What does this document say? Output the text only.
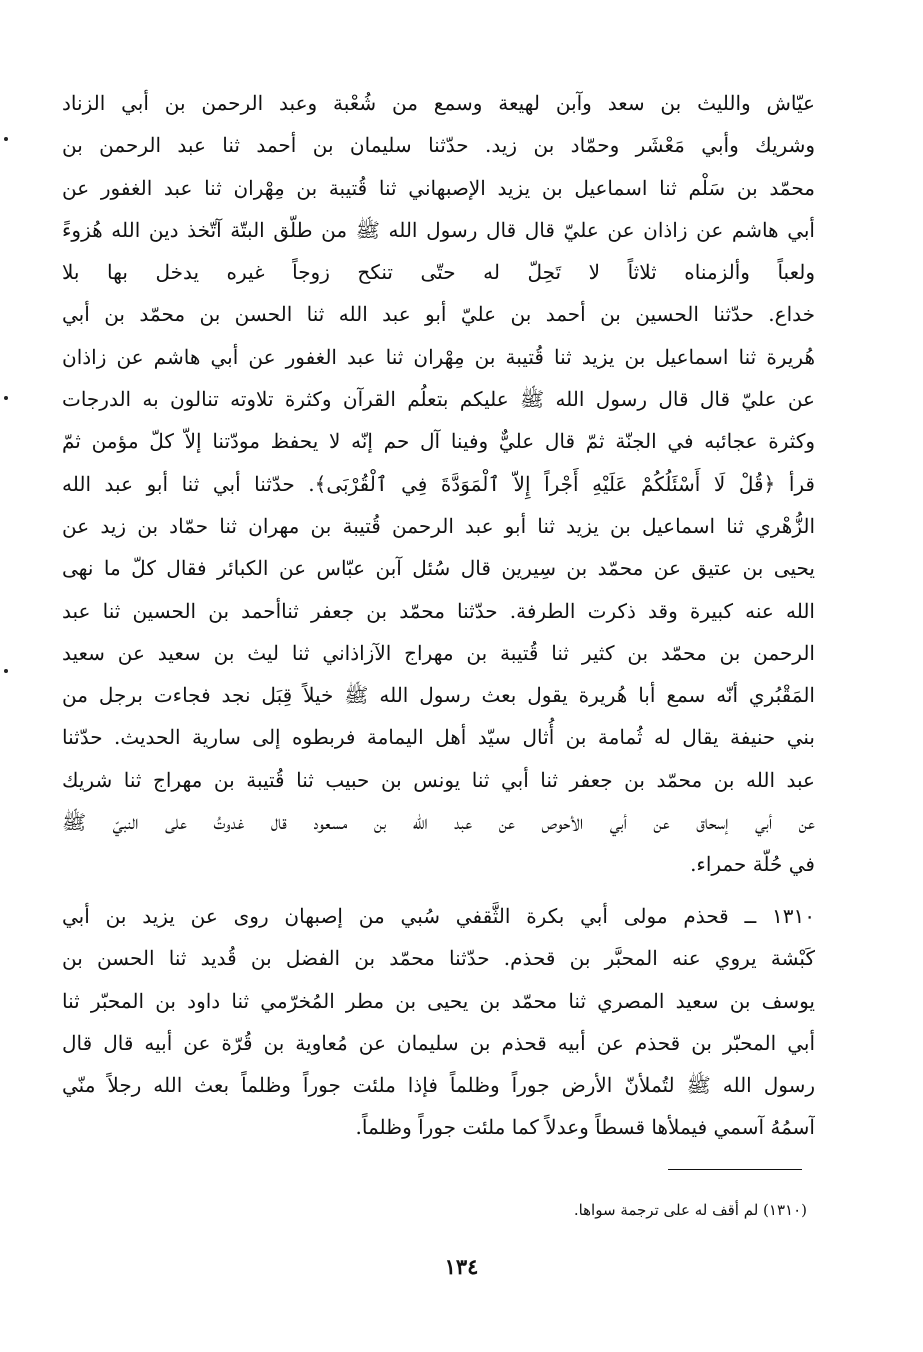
عيّاش والليث بن سعد وآبن لهيعة وسمع من شُعْبة وعبد الرحمن بن أبي الزناد
وشريك وأبي مَعْشَر وحمّاد بن زيد. حدّثنا سليمان بن أحمد ثنا عبد الرحمن بن
محمّد بن سَلْم ثنا اسماعيل بن يزيد الإصبهاني ثنا قُتيبة بن مِهْران ثنا عبد الغفور عن
أبي هاشم عن زاذان عن عليّ قال قال رسول الله ﷺ من طلّق البتّة آتّخذ دين الله هُزوءً
ولعباً وألزمناه ثلاثاً لا تَحِلّ له حتّى تنكح زوجاً غيره يدخل بها بلا
خداع. حدّثنا الحسين بن أحمد بن عليّ أبو عبد الله ثنا الحسن بن محمّد بن أبي
هُريرة ثنا اسماعيل بن يزيد ثنا قُتيبة بن مِهْران ثنا عبد الغفور عن أبي هاشم عن زاذان
عن عليّ قال قال رسول الله ﷺ عليكم بتعلُم القرآن وكثرة تلاوته تنالون به الدرجات
وكثرة عجائبه في الجنّة ثمّ قال عليٌّ وفينا آل حم إنّه لا يحفظ مودّتنا إلاّ كلّ مؤمن ثمّ
قرأ ﴿قُلْ لَا أَسْئَلُكُمْ عَلَيْهِ أَجْراً إِلاّ ٱلْمَوَدَّةَ فِي ٱلْقُرْبَى﴾. حدّثنا أبي ثنا أبو عبد الله
الزُّهْري ثنا اسماعيل بن يزيد ثنا أبو عبد الرحمن قُتيبة بن مهران ثنا حمّاد بن زيد عن
يحيى بن عتيق عن محمّد بن سِيرين قال سُئل آبن عبّاس عن الكبائر فقال كلّ ما نهى
الله عنه كبيرة وقد ذكرت الطرفة. حدّثنا محمّد بن جعفر ثناأحمد بن الحسين ثنا عبد
الرحمن بن محمّد بن كثير ثنا قُتيبة بن مهراج الآزاذاني ثنا ليث بن سعيد عن سعيد
المَقْبُري أنّه سمع أبا هُريرة يقول بعث رسول الله ﷺ خيلاً قِبَل نجد فجاءت برجل من
بني حنيفة يقال له ثُمامة بن أُثال سيّد أهل اليمامة فربطوه إلى سارية الحديث. حدّثنا
عبد الله بن محمّد بن جعفر ثنا أبي ثنا يونس بن حبيب ثنا قُتيبة بن مهراج ثنا شريك
عن أبي إسحاق عن أبي الأحوص عن عبد الله بن مسعود قال غدوتُ على النبيّ ﷺ
في حُلّة حمراء.
١٣١٠ ــ قحذم مولى أبي بكرة الثَّقفي سُبي من إصبهان روى عن يزيد بن أبي
كَبْشة يروي عنه المحبَّر بن قحذم. حدّثنا محمّد بن الفضل بن قُديد ثنا الحسن بن
يوسف بن سعيد المصري ثنا محمّد بن يحيى بن مطر المُخرّمي ثنا داود بن المحبّر ثنا
أبي المحبّر بن قحذم عن أبيه قحذم بن سليمان عن مُعاوية بن قُرّة عن أبيه قال قال
رسول الله ﷺ لتُملأنّ الأرض جوراً وظلماً فإذا ملئت جوراً وظلماً بعث الله رجلاً منّي
آسمُهُ آسمي فيملأها قسطاً وعدلاً كما ملئت جوراً وظلماً.
(١٣١٠) لم أقف له على ترجمة سواها.
١٣٤
